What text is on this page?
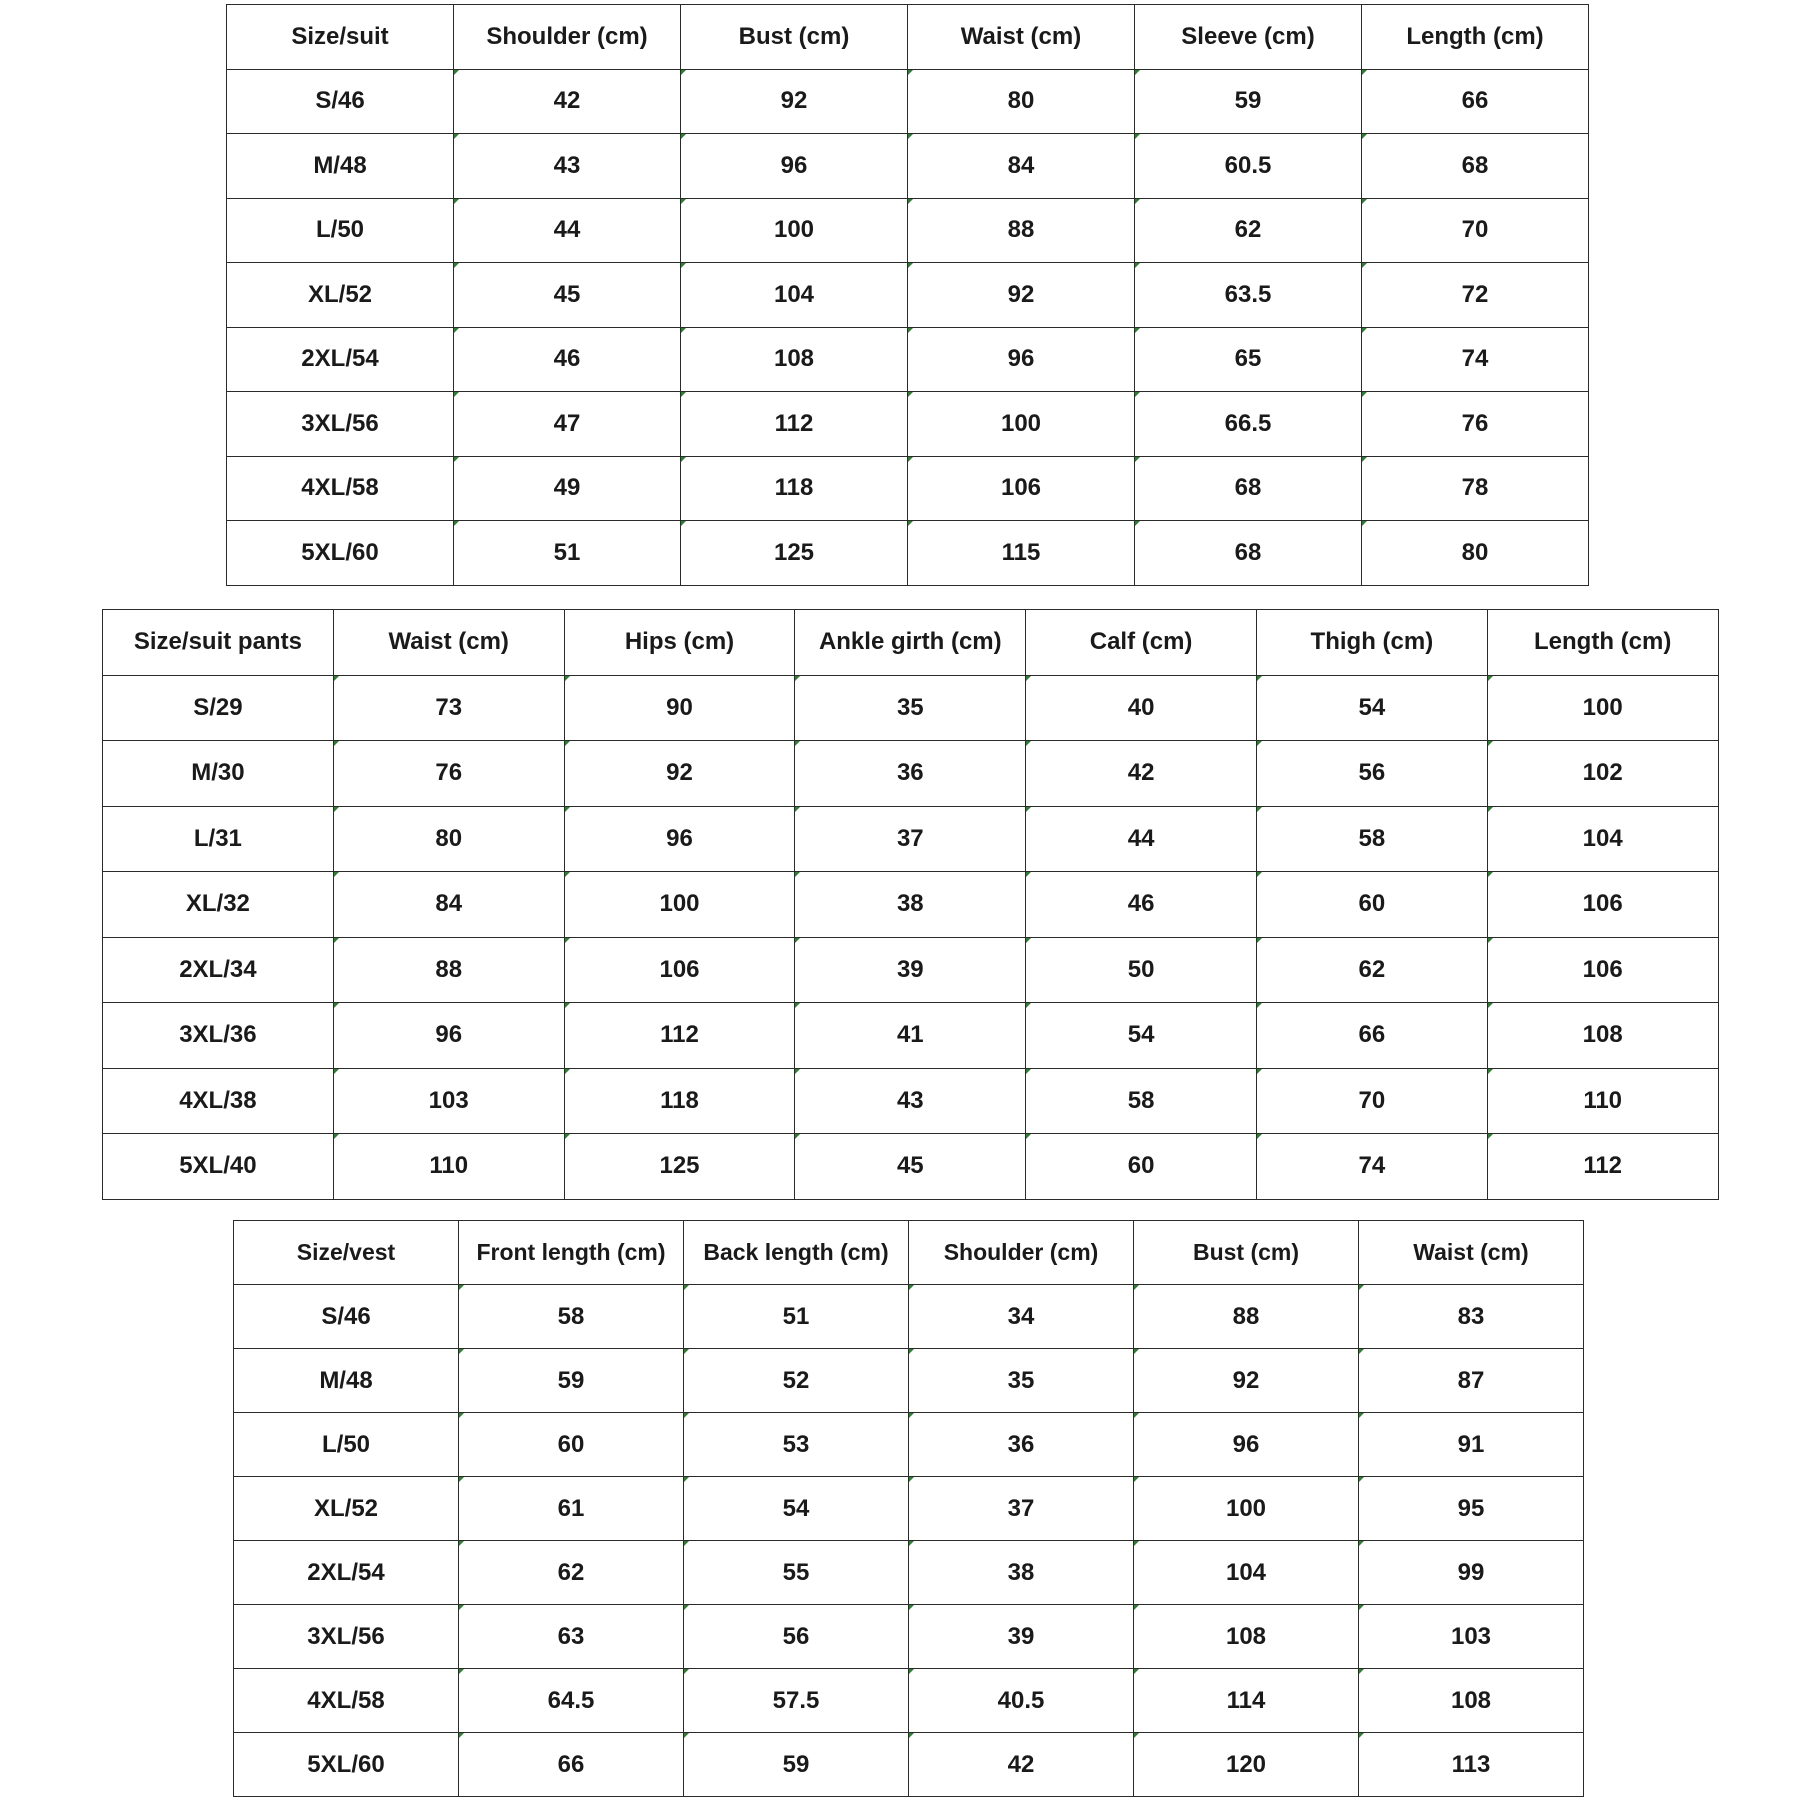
Size/suit	Shoulder (cm)	Bust (cm)	Waist (cm)	Sleeve (cm)	Length (cm)
S/46	42	92	80	59	66
M/48	43	96	84	60.5	68
L/50	44	100	88	62	70
XL/52	45	104	92	63.5	72
2XL/54	46	108	96	65	74
3XL/56	47	112	100	66.5	76
4XL/58	49	118	106	68	78
5XL/60	51	125	115	68	80
Size/suit pants	Waist (cm)	Hips (cm)	Ankle girth (cm)	Calf (cm)	Thigh (cm)	Length (cm)
S/29	73	90	35	40	54	100
M/30	76	92	36	42	56	102
L/31	80	96	37	44	58	104
XL/32	84	100	38	46	60	106
2XL/34	88	106	39	50	62	106
3XL/36	96	112	41	54	66	108
4XL/38	103	118	43	58	70	110
5XL/40	110	125	45	60	74	112
Size/vest	Front length (cm)	Back length (cm)	Shoulder (cm)	Bust (cm)	Waist (cm)
S/46	58	51	34	88	83
M/48	59	52	35	92	87
L/50	60	53	36	96	91
XL/52	61	54	37	100	95
2XL/54	62	55	38	104	99
3XL/56	63	56	39	108	103
4XL/58	64.5	57.5	40.5	114	108
5XL/60	66	59	42	120	113
